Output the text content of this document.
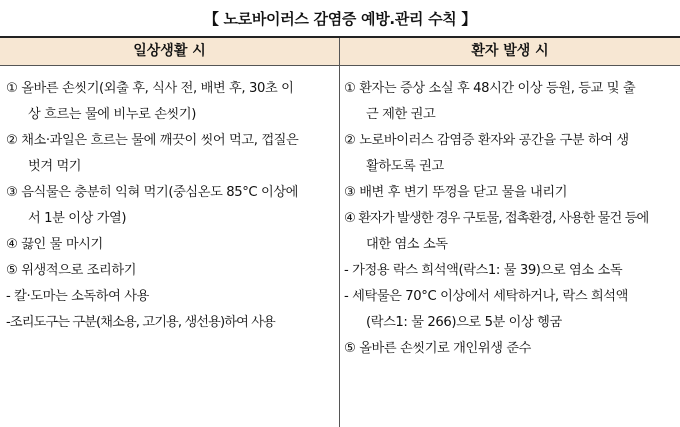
【 노로바이러스 감염증 예방.관리 수칙 】
일상생활 시	환자 발생 시
① 올바른 손씻기(외출 후, 식사 전, 배변 후, 30초 이
상 흐르는 물에 비누로 손씻기)
② 채소·과일은 흐르는 물에 깨끗이 씻어 먹고, 껍질은
벗겨 먹기
③ 음식물은 충분히 익혀 먹기(중심온도 85°C 이상에
서 1분 이상 가열)
④ 끓인 물 마시기
⑤ 위생적으로 조리하기
- 칼·도마는 소독하여 사용
-조리도구는 구분(채소용, 고기용, 생선용)하여 사용
① 환자는 증상 소실 후 48시간 이상 등원, 등교 및 출
근 제한 권고
② 노로바이러스 감염증 환자와 공간을 구분 하여 생
활하도록 권고
③ 배변 후 변기 뚜껑을 닫고 물을 내리기
④ 환자가 발생한 경우 구토물, 접촉환경, 사용한 물건 등에
대한 염소 소독
- 가정용 락스 희석액(락스1: 물 39)으로 염소 소독
- 세탁물은 70°C 이상에서 세탁하거나, 락스 희석액
(락스1: 물 266)으로 5분 이상 헹굼
⑤ 올바른 손씻기로 개인위생 준수
